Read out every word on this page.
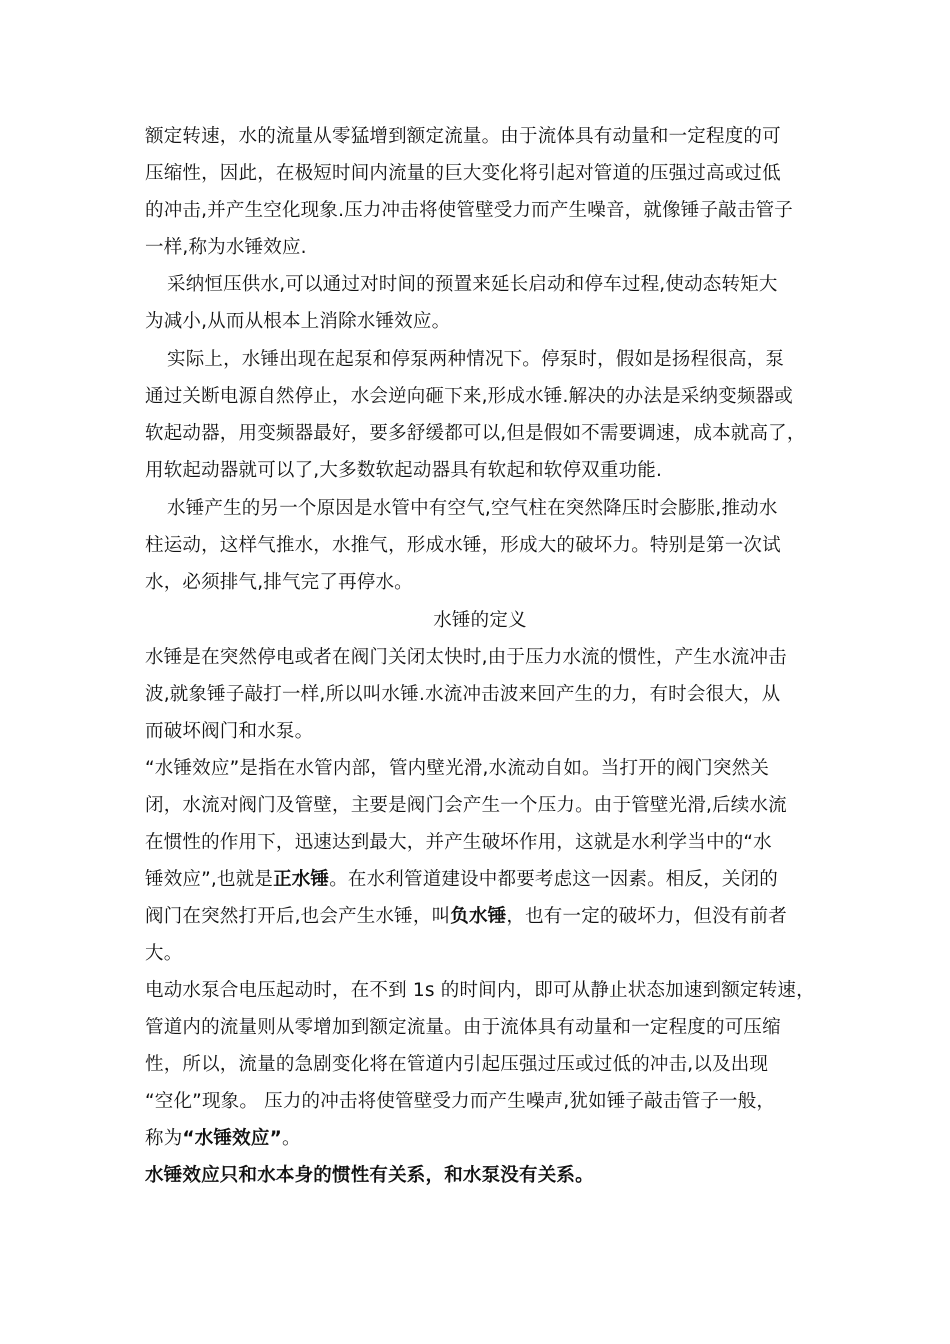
额定转速，水的流量从零猛增到额定流量。由于流体具有动量和一定程度的可
压缩性，因此，在极短时间内流量的巨大变化将引起对管道的压强过高或过低
的冲击,并产生空化现象.压力冲击将使管壁受力而产生噪音，就像锤子敲击管子
一样,称为水锤效应.
采纳恒压供水,可以通过对时间的预置来延长启动和停车过程,使动态转矩大
为减小,从而从根本上消除水锤效应。
实际上，水锤出现在起泵和停泵两种情况下。停泵时，假如是扬程很高，泵
通过关断电源自然停止，水会逆向砸下来,形成水锤.解决的办法是采纳变频器或
软起动器，用变频器最好，要多舒缓都可以,但是假如不需要调速，成本就高了，
用软起动器就可以了,大多数软起动器具有软起和软停双重功能.
水锤产生的另一个原因是水管中有空气,空气柱在突然降压时会膨胀,推动水
柱运动，这样气推水，水推气，形成水锤，形成大的破坏力。特别是第一次试
水，必须排气,排气完了再停水。
水锤的定义
水锤是在突然停电或者在阀门关闭太快时,由于压力水流的惯性，产生水流冲击
波,就象锤子敲打一样,所以叫水锤.水流冲击波来回产生的力，有时会很大，从
而破坏阀门和水泵。
“水锤效应”是指在水管内部，管内壁光滑,水流动自如。当打开的阀门突然关
闭，水流对阀门及管壁，主要是阀门会产生一个压力。由于管壁光滑,后续水流
在惯性的作用下，迅速达到最大，并产生破坏作用，这就是水利学当中的“水
锤效应”,也就是正水锤。在水利管道建设中都要考虑这一因素。相反，关闭的
阀门在突然打开后,也会产生水锤，叫负水锤，也有一定的破坏力，但没有前者
大。
电动水泵合电压起动时，在不到 1s 的时间内，即可从静止状态加速到额定转速，
管道内的流量则从零增加到额定流量。由于流体具有动量和一定程度的可压缩
性，所以，流量的急剧变化将在管道内引起压强过压或过低的冲击,以及出现
“空化”现象。 压力的冲击将使管壁受力而产生噪声,犹如锤子敲击管子一般，
称为“水锤效应”。
水锤效应只和水本身的惯性有关系，和水泵没有关系。
